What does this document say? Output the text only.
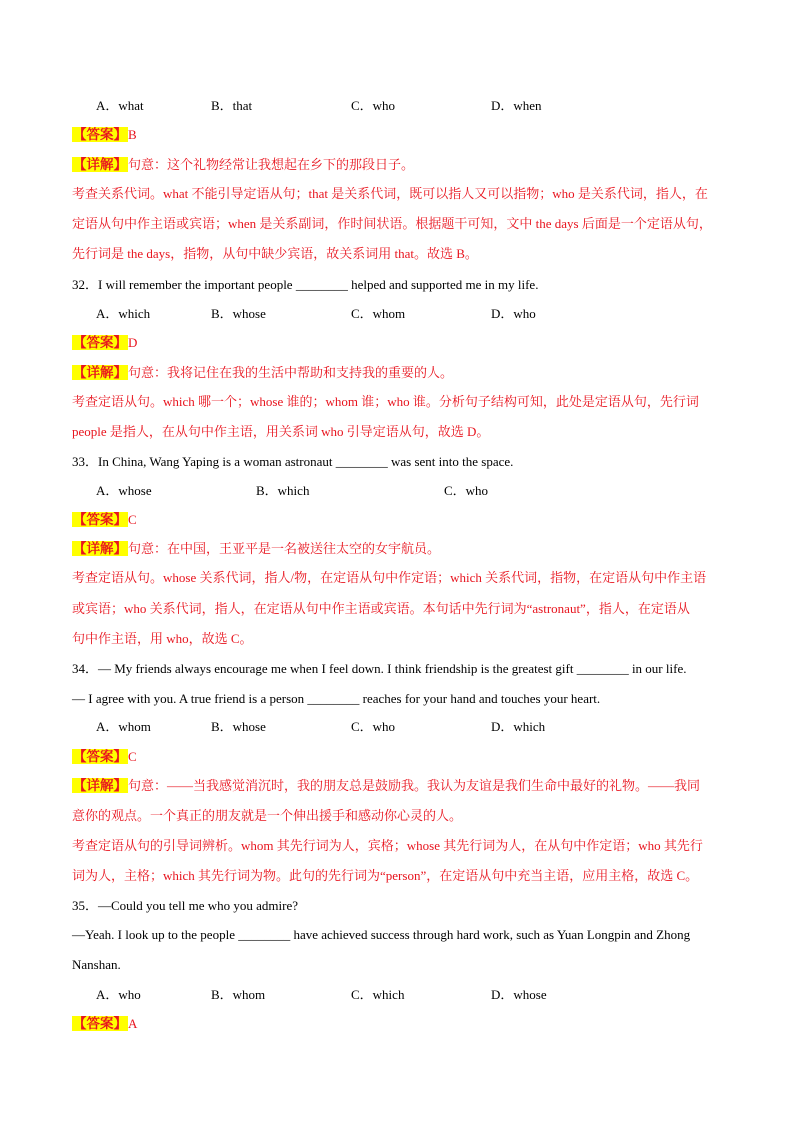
A．what	B．that	C．who	D．when
【答案】B
【详解】句意：这个礼物经常让我想起在乡下的那段日子。
考查关系代词。what 不能引导定语从句；that 是关系代词，既可以指人又可以指物；who 是关系代词，指人，在
定语从句中作主语或宾语；when 是关系副词，作时间状语。根据题干可知，文中 the days 后面是一个定语从句，
先行词是 the days，指物，从句中缺少宾语，故关系词用 that。故选 B。
32．I will remember the important people ________ helped and supported me in my life.
A．which	B．whose	C．whom	D．who
【答案】D
【详解】句意：我将记住在我的生活中帮助和支持我的重要的人。
考查定语从句。which 哪一个；whose 谁的；whom 谁；who 谁。分析句子结构可知，此处是定语从句，先行词
people 是指人，在从句中作主语，用关系词 who 引导定语从句，故选 D。
33．In China, Wang Yaping is a woman astronaut ________ was sent into the space.
A．whose	B．which	C．who
【答案】C
【详解】句意：在中国，王亚平是一名被送往太空的女宇航员。
考查定语从句。whose 关系代词，指人/物，在定语从句中作定语；which 关系代词，指物，在定语从句中作主语
或宾语；who 关系代词，指人，在定语从句中作主语或宾语。本句话中先行词为“astronaut”，指人，在定语从
句中作主语，用 who，故选 C。
34．— My friends always encourage me when I feel down. I think friendship is the greatest gift ________ in our life.
— I agree with you. A true friend is a person ________ reaches for your hand and touches your heart.
A．whom	B．whose	C．who	D．which
【答案】C
【详解】句意：——当我感觉消沉时，我的朋友总是鼓励我。我认为友谊是我们生命中最好的礼物。——我同
意你的观点。一个真正的朋友就是一个伸出援手和感动你心灵的人。
考查定语从句的引导词辨析。whom 其先行词为人，宾格；whose 其先行词为人，在从句中作定语；who 其先行
词为人，主格；which 其先行词为物。此句的先行词为“person”，在定语从句中充当主语，应用主格，故选 C。
35．—Could you tell me who you admire?
—Yeah. I look up to the people ________ have achieved success through hard work, such as Yuan Longpin and Zhong
Nanshan.
A．who	B．whom	C．which	D．whose
【答案】A
